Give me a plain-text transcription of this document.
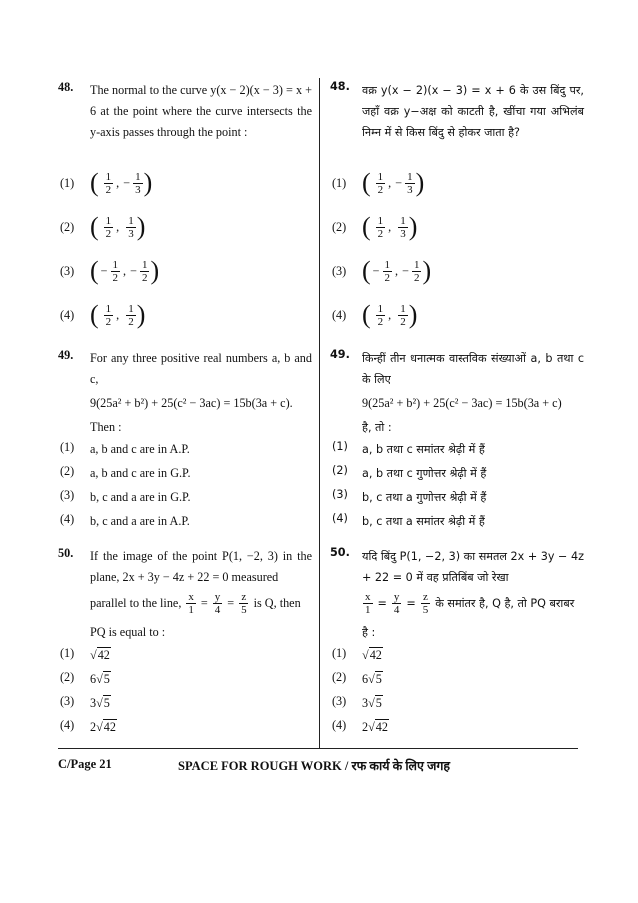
48. The normal to the curve y(x − 2)(x − 3) = x + 6 at the point where the curve intersects the y-axis passes through the point :
(1) ( $\frac{1}{2}$ , − $\frac{1}{3}$ )
(2) ( $\frac{1}{2}$ , $\frac{1}{3}$ )
(3) ( − $\frac{1}{2}$ , − $\frac{1}{2}$ )
(4) ( $\frac{1}{2}$ , $\frac{1}{2}$ )
49. For any three positive real numbers a, b and c,
9(25a² + b²) + 25(c² − 3ac) = 15b(3a + c).
Then :
(1) a, b and c are in A.P.
(2) a, b and c are in G.P.
(3) b, c and a are in G.P.
(4) b, c and a are in A.P.
50. If the image of the point P(1, −2, 3) in the plane, 2x + 3y − 4z + 22 = 0 measured
parallel to the line, $\frac{x}{1} = \frac{y}{4} = \frac{z}{5}$ is Q, then
PQ is equal to :
(1) √ 42
(2) 6 √ 5
(3) 3 √ 5
(4) 2 √ 42
48. वक्र y(x − 2)(x − 3) = x + 6 के उस बिंदु पर, जहाँ वक्र y−अक्ष को काटती है, खींचा गया अभिलंब निम्न में से किस बिंदु से होकर जाता है?
(1) ( $\frac{1}{2}$ , − $\frac{1}{3}$ )
(2) ( $\frac{1}{2}$ , $\frac{1}{3}$ )
(3) ( − $\frac{1}{2}$ , − $\frac{1}{2}$ )
(4) ( $\frac{1}{2}$ , $\frac{1}{2}$ )
49. किन्हीं तीन धनात्मक वास्तविक संख्याओं a, b तथा c के लिए
9(25a² + b²) + 25(c² − 3ac) = 15b(3a + c)
है, तो :
(1) a, b तथा c समांतर श्रेढ़ी में हैं
(2) a, b तथा c गुणोत्तर श्रेढ़ी में हैं
(3) b, c तथा a गुणोत्तर श्रेढ़ी में हैं
(4) b, c तथा a समांतर श्रेढ़ी में हैं
50. यदि बिंदु P(1, −2, 3) का समतल 2x + 3y − 4z + 22 = 0 में वह प्रतिबिंब जो रेखा
$\frac{x}{1} = \frac{y}{4} = \frac{z}{5}$ के समांतर है, Q है, तो PQ बराबर
है :
(1) √ 42
(2) 6 √ 5
(3) 3 √ 5
(4) 2 √ 42
C/Page 21	SPACE FOR ROUGH WORK / रफ कार्य के लिए जगह
